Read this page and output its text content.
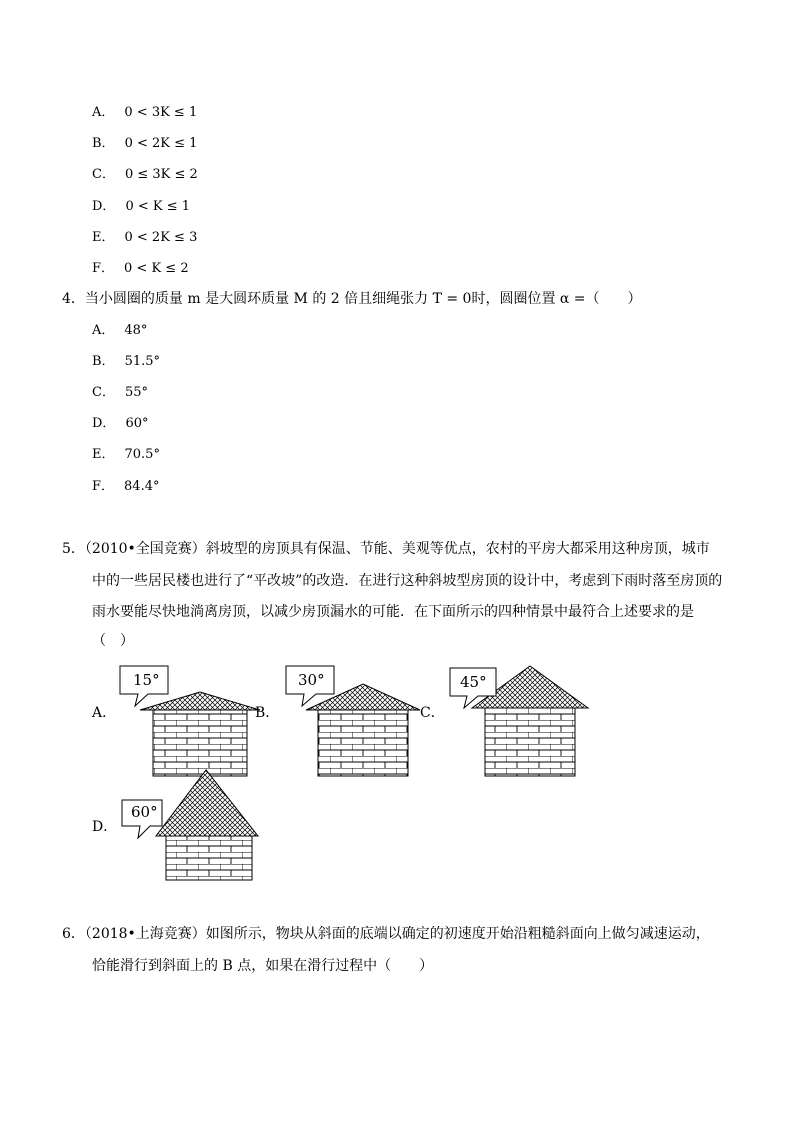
A． 0 < 3K ≤ 1
B． 0 < 2K ≤ 1
C． 0 ≤ 3K ≤ 2
D． 0 < K ≤ 1
E． 0 < 2K ≤ 3
F． 0 < K ≤ 2
4．当小圆圈的质量 m 是大圆环质量 M 的 2 倍且细绳张力 T = 0时，圆圈位置 α =（　　）
A． 48°
B． 51.5°
C． 55°
D． 60°
E． 70.5°
F． 84.4°
5．（2010•全国竞赛）斜坡型的房顶具有保温、节能、美观等优点，农村的平房大都采用这种房顶，城市
中的一些居民楼也进行了“平改坡”的改造．在进行这种斜坡型房顶的设计中，考虑到下雨时落至房顶的
雨水要能尽快地淌离房顶，以减少房顶漏水的可能．在下面所示的四种情景中最符合上述要求的是
（　）
A．	B．	C．
D．
15°	30°	45°
60°
6．（2018•上海竞赛）如图所示，物块从斜面的底端以确定的初速度开始沿粗糙斜面向上做匀减速运动，
恰能滑行到斜面上的 B 点，如果在滑行过程中（　　）
